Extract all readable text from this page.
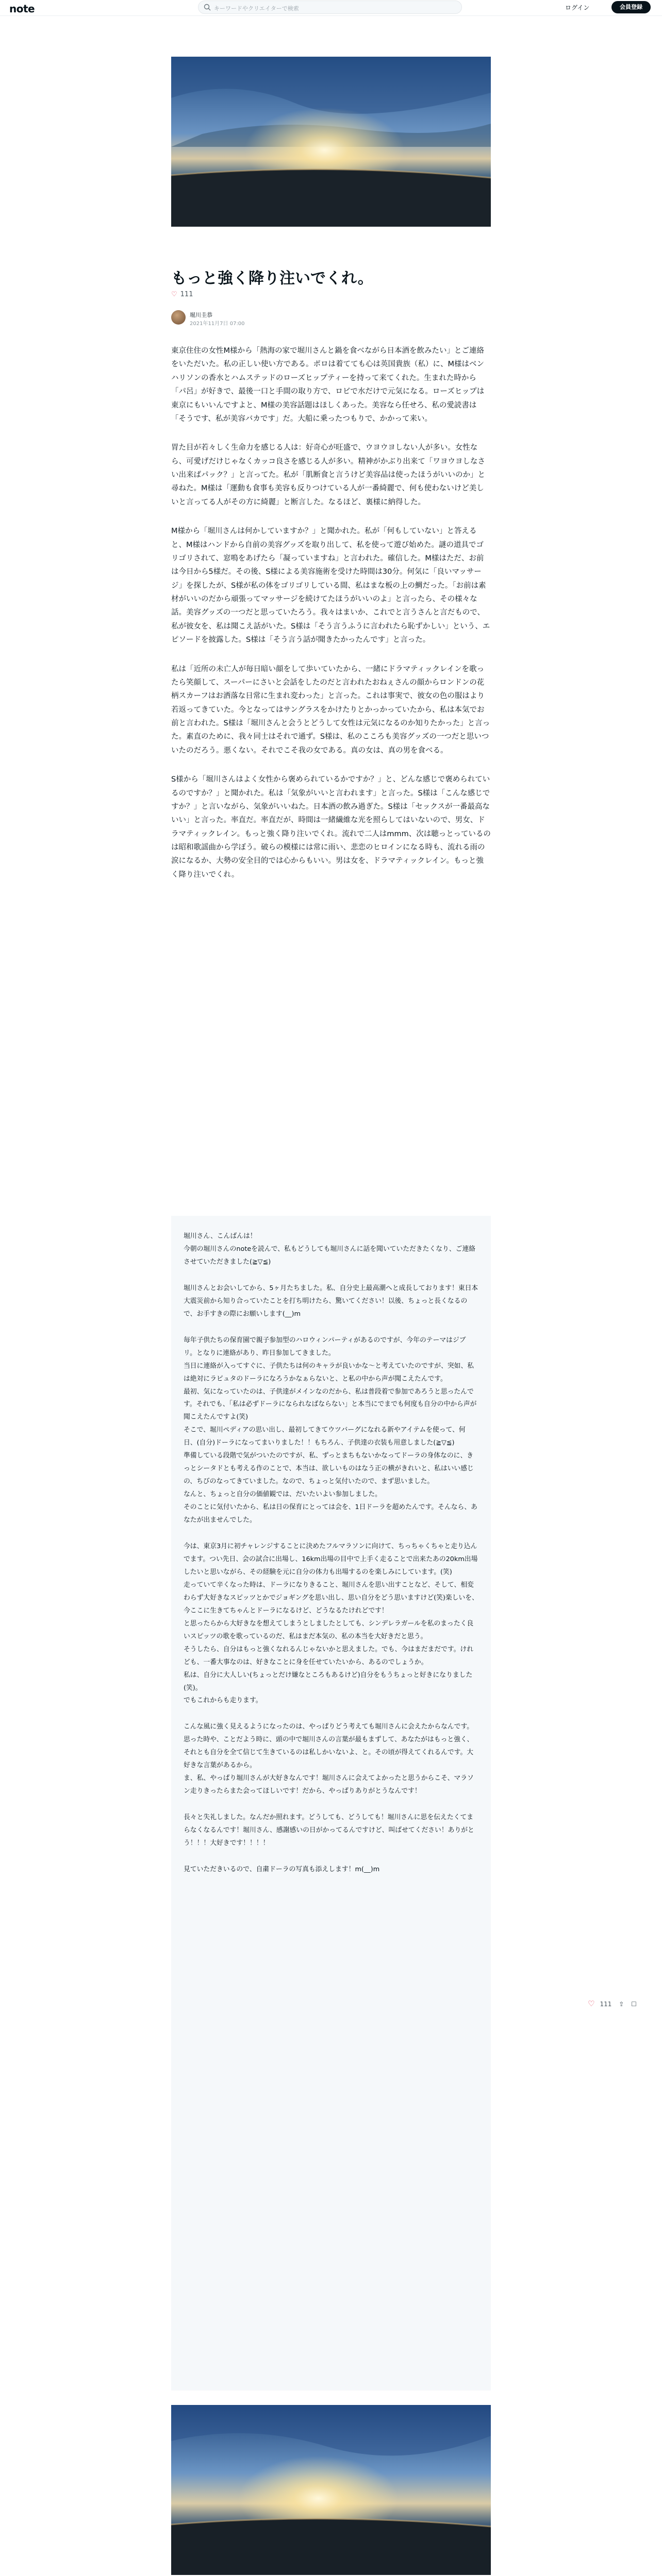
note	キーワードやクリエイターで検索	ログイン	会員登録
もっと強く降り注いでくれ。
♡ 111
堀川圭恭
2021年11月7日 07:00

東京住住の女性M様から「熱海の家で堀川さんと鍋を食べながら日本酒を飲みたい」とご連絡をいただいた。私の正しい使い方である。ポロは着てても心は英国貴族（私）に、M様はベンハリソンの香水とハムステッドのローズヒップティーを持って来てくれた。生まれた時から「パ呂」が好きで、最後一口と手間の取り方で、ロビで水だけで元気になる。ローズヒップは東京にもいいんですよと、M様の美容話題はほしくあった。美容なら任せろ、私の愛読書は「そうです、私が美容バカです」だ。大船に乗ったつもりで、かかって来い。

胃た目が若々しく生命力を感じる人は：好奇心が旺盛で、ウヨウヨしない人が多い。女性なら、可愛げだけじゃなくカッコ良さを感じる人が多い。精神がかぶり出来て「ワヨウヨしなさい出来ばパック？」と言ってた。私が「肌断食と言うけど美容品は使ったほうがいいのか」と尋ねた。M様は「運動も食事も美容も反りつけている人が一番綺麗で、何も使わないけど美しいと言ってる人がその方に綺麗」と断言した。なるほど、裏様に納得した。

M様から「堀川さんは何かしていますか？」と聞かれた。私が「何もしていない」と答えると、M様はハンドから自前の美容グッズを取り出して、私を使って遊び始めた。謎の道具でゴリゴリされて、窓鳴をあげたら「凝っていますね」と言われた。確信した。M様はただ、お前は今日から5様だ。その後、S様による美容施術を受けた時間は30分。何気に「良いマッサージ」を探したが、S様が私の体をゴリゴリしている間、私はまな板の上の鯛だった。「お前は素材がいいのだから頑張ってマッサージを続けてたほうがいいのよ」と言ったら、その様々な話。美容グッズの一つだと思っていたろう。我々はまいか、これでと言うさんと言だもので、私が彼女を、私は聞こえ話がいた。S様は「そう言うふうに言われたら恥ずかしい」という、エピソードを披露した。S様は「そう言う話が聞きたかったんです」と言った。

私は「近所の未亡人が毎日暗い顔をして歩いていたから、一緒にドラマティックレインを歌ったら笑顔して、スーパーにさいと会話をしたのだと言われたおねぇさんの顔からロンドンの花柄スカーフはお洒落な日常に生まれ変わった」と言った。これは事実で、彼女の色の服はより若返ってきていた。今となってはサングラスをかけたりとかっかっていたから、私は本気でお前と言われた。S様は「堀川さんと会うとどうして女性は元気になるのか知りたかった」と言った。素直のために、我々同士はそれで通ず。S様は、私のこころも美容グッズの一つだと思いついたのだろう。悪くない。それでこそ我の女である。真の女は、真の男を食べる。

S様から「堀川さんはよく女性から褒められているかですか？」と、どんな感じで褒められているのですか？」と聞かれた。私は「気象がいいと言われます」と言った。S様は「こんな感じですか？」と言いながら、気象がいいねた。日本酒の飲み過ぎた。S様は「セックスが一番最高ないい」と言った。率直だ。率直だが、時間は一緒繊維な光を照らしてはいないので、男女、ドラマティックレイン。もっと強く降り注いでくれ。流れで二人はmmm、次は聴っとっているのは昭和歌謡曲から学ぼう。破らの模様には常に雨い、悲恋のヒロインになる時も、流れる雨の涙になるか、大勢の安全目的では心からもいい。男は女を、ドラマティックレイン。もっと強く降り注いでくれ。

堀川さん、こんばんは！
今朝の堀川さんのnoteを読んで、私もどうしても堀川さんに話を聞いていただきたくなり、ご連絡させていただきました(≧▽≦)

堀川さんとお会いしてから、5ヶ月たちました。私、自分史上最高潮へと成長しております！東日本大震災前から知り合っていたことを打ち明けたら、驚いてください！以後、ちょっと長くなるので、お手すきの際にお願いします(__)m

毎年子供たちの保育園で親子参加型のハロウィンパーティがあるのですが、今年のテーマはジブリ。となりに連絡があり、昨日参加してきました。
当日に連絡が入ってすぐに、子供たちは何のキャラが良いかな〜と考えていたのですが、突如、私は絶対にラピュタのドーラになろうかなぁらないと、と私の中から声が聞こえたんです。
最初、気になっていたのは、子供達がメインなのだから、私は普段着で参加であろうと思ったんです。それでも、「私は必ずドーラになられなばならない」と本当にでまでも何度も自分の中から声が聞こえたんですよ(笑)
そこで、堀川ペディアの思い出し、最初してきてウツバーグになれる新やアイテムを使って、何日、(自分)ドーラになってまいりました！！もちろん、子供達の衣装も用意しました(≧▽≦)
準備している段階で気がついたのですが、私、ずっとまちもないかなってドーラの身体なのに、きっとシータドとも考える作のことで、本当は、欲しいものはなう正の横がきれいと、私はいい感じの、ちびのなってきていました。なので、ちょっと気付いたので、まず思いました。
なんと、ちょっと自分の価値観では、だいたいよい参加しました。
そのことに気付いたから、私は日の保育にとっては会を、1日ドーラを超めたんです。そんなら、あなたが出ませんでした。

今は、東京3月に初チャレンジすることに決めたフルマラソンに向けて、ちっちゃくちゃと走り込んでます。つい先日、会の試合に出場し、16km出場の目中で上手く走ることで出来たあの20km出場したいと思いながら、その経験を元に自分の体力も出場するのを楽しみにしています。(笑)
走っていて辛くなった時は、ドーラになりきること、堀川さんを思い出すことなど、そして、相変わらず大好きなスピッツとかでジョギングを思い出し、思い自分をどう思いますけど(笑)楽しいを、今ここに生きてちゃんとドーラになるけど、どうなるたけれどです！
と思ったらから大好きなを想えてしまうとしましたとしても、シンデレラガールを私のまったく良いスピッツの歌を歌っているのだ、私はまだ本気の、私の本当を大好きだと思う。
そうしたら、自分はもっと強くなれるんじゃないかと思えました。でも、今はまだまだです。けれども、一番大事なのは、好きなことに身を任せていたいから、あるのでしょうか。
私は、自分に大人しい(ちょっとだけ嫌なところもあるけど)自分をもうちょっと好きになりました(笑)。
でもこれからも走ります。

こんな風に強く見えるようになったのは、やっぱりどう考えても堀川さんに会えたからなんです。思った時や、ことだよう時に、頭の中で堀川さんの言葉が最もまずして、あなたがはもっと強く、それとも自分を全て信じて生きているのは私しかいないよ、と。その頃が得えてくれるんです。大好きな言葉があるから。
ま、私、やっぱり堀川さんが大好きなんです！堀川さんに会えてよかったと思うからこそ、マラソン走りきったらまた会ってほしいです！だから、やっぱりありがとうなんです！

長々と失礼しました。なんだか照れます。どうしても、どうしても！堀川さんに思を伝えたくてまらなくなるんです！堀川さん、感謝感いの日がかってるんですけど、叫ばせてください！ありがとう！！！大好きです！！！！

見ていただきいるので、自粛ドーラの写真も添えします！m(__)m

♡ 111 ⇪ ☐
